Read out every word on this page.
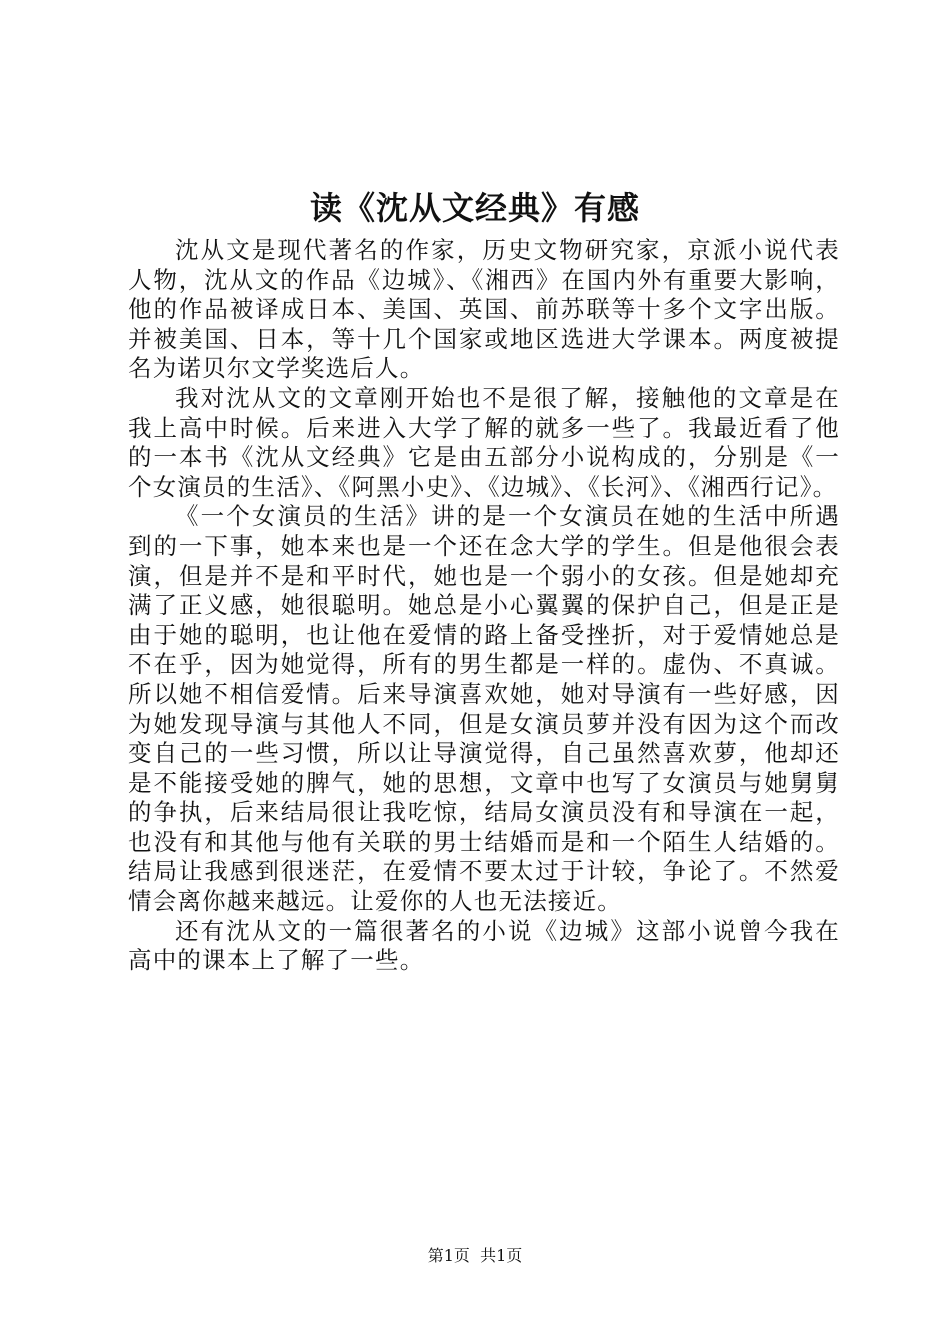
读《沈从文经典》有感

沈从文是现代著名的作家，历史文物研究家，京派小说代表人物，沈从文的作品《边城》、《湘西》在国内外有重要大影响，他的作品被译成日本、美国、英国、前苏联等十多个文字出版。并被美国、日本，等十几个国家或地区选进大学课本。两度被提名为诺贝尔文学奖选后人。

我对沈从文的文章刚开始也不是很了解，接触他的文章是在我上高中时候。后来进入大学了解的就多一些了。我最近看了他的一本书《沈从文经典》它是由五部分小说构成的，分别是《一个女演员的生活》、《阿黑小史》、《边城》、《长河》、《湘西行记》。

《一个女演员的生活》讲的是一个女演员在她的生活中所遇到的一下事，她本来也是一个还在念大学的学生。但是他很会表演，但是并不是和平时代，她也是一个弱小的女孩。但是她却充满了正义感，她很聪明。她总是小心翼翼的保护自己，但是正是由于她的聪明，也让他在爱情的路上备受挫折，对于爱情她总是不在乎，因为她觉得，所有的男生都是一样的。虚伪、不真诚。所以她不相信爱情。后来导演喜欢她，她对导演有一些好感，因为她发现导演与其他人不同，但是女演员萝并没有因为这个而改变自己的一些习惯，所以让导演觉得，自己虽然喜欢萝，他却还是不能接受她的脾气，她的思想，文章中也写了女演员与她舅舅的争执，后来结局很让我吃惊，结局女演员没有和导演在一起，也没有和其他与他有关联的男士结婚而是和一个陌生人结婚的。结局让我感到很迷茫，在爱情不要太过于计较，争论了。不然爱情会离你越来越远。让爱你的人也无法接近。

还有沈从文的一篇很著名的小说《边城》这部小说曾今我在高中的课本上了解了一些。

第1页  共1页
